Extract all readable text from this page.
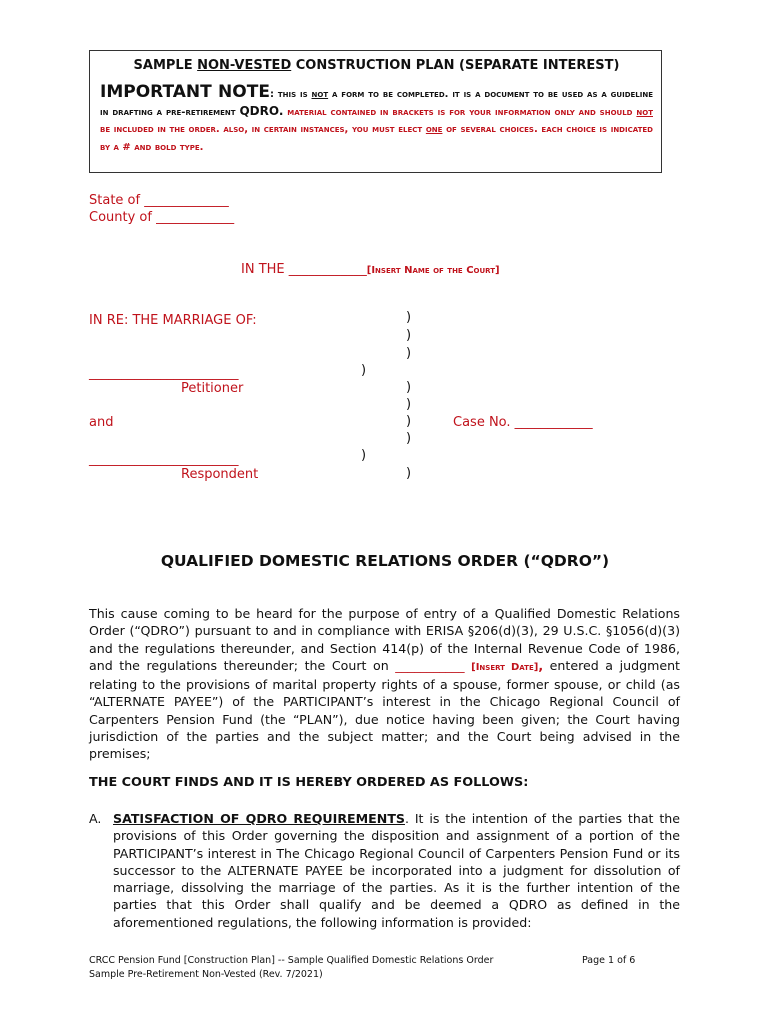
SAMPLE NON-VESTED CONSTRUCTION PLAN (SEPARATE INTEREST)
IMPORTANT NOTE: this is not a form to be completed. it is a document to be used as a guideline in drafting a pre-retirement QDRO. material contained in brackets is for your information only and should not be included in the order. also, in certain instances, you must elect one of several choices. each choice is indicated by a # and bold type.
State of _____________
County of ____________
IN THE ____________[Insert Name of the Court]
IN RE: THE MARRIAGE OF:	)
)
)
)
)
)
)
)
)
)
_______________________
Petitioner
and	Case No. ____________
_______________________
Respondent
QUALIFIED DOMESTIC RELATIONS ORDER (“QDRO”)
This cause coming to be heard for the purpose of entry of a Qualified Domestic Relations Order (“QDRO”) pursuant to and in compliance with ERISA §206(d)(3), 29 U.S.C. §1056(d)(3) and the regulations thereunder, and Section 414(p) of the Internal Revenue Code of 1986, and the regulations thereunder; the Court on ___________ [Insert Date], entered a judgment relating to the provisions of marital property rights of a spouse, former spouse, or child (as “ALTERNATE PAYEE”) of the PARTICIPANT’s interest in the Chicago Regional Council of Carpenters Pension Fund (the “PLAN”), due notice having been given; the Court having jurisdiction of the parties and the subject matter; and the Court being advised in the premises;
THE COURT FINDS AND IT IS HEREBY ORDERED AS FOLLOWS:
A. SATISFACTION OF QDRO REQUIREMENTS. It is the intention of the parties that the provisions of this Order governing the disposition and assignment of a portion of the PARTICIPANT’s interest in The Chicago Regional Council of Carpenters Pension Fund or its successor to the ALTERNATE PAYEE be incorporated into a judgment for dissolution of marriage, dissolving the marriage of the parties. As it is the further intention of the parties that this Order shall qualify and be deemed a QDRO as defined in the aforementioned regulations, the following information is provided:
CRCC Pension Fund [Construction Plan] -- Sample Qualified Domestic Relations Order
Sample Pre-Retirement Non-Vested (Rev. 7/2021)
Page 1 of 6
